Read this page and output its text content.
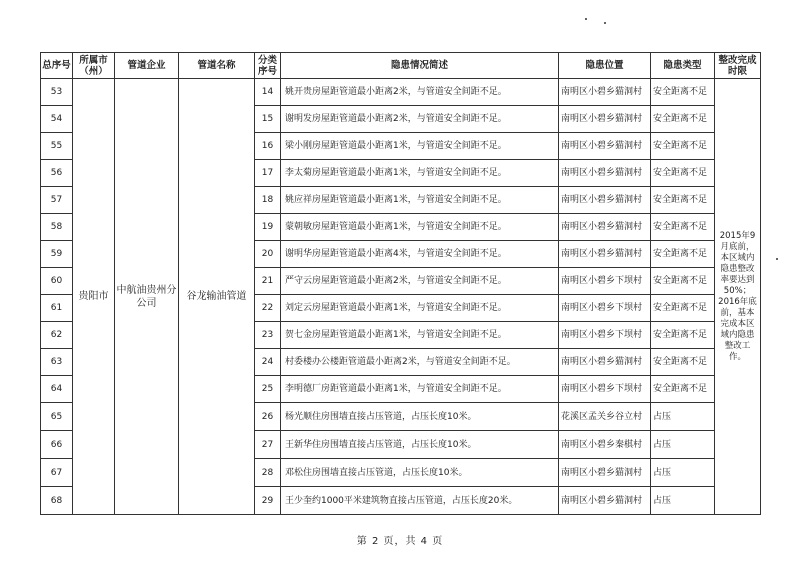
总序号	所属市（州）	管道企业	管道名称	分类序号	隐患情况简述	隐患位置	隐患类型	整改完成时限
53	贵阳市	中航油贵州分公司	谷龙输油管道	14	姚开贵房屋距管道最小距离2米，与管道安全间距不足。	南明区小碧乡猫洞村	安全距离不足	2015年9月底前，本区域内隐患整改率要达到50%；2016年底前，基本完成本区域内隐患整改工作。
54				15	谢明发房屋距管道最小距离2米，与管道安全间距不足。	南明区小碧乡猫洞村	安全距离不足	
55				16	梁小刚房屋距管道最小距离1米，与管道安全间距不足。	南明区小碧乡猫洞村	安全距离不足	
56				17	李太菊房屋距管道最小距离1米，与管道安全间距不足。	南明区小碧乡猫洞村	安全距离不足	
57				18	姚应祥房屋距管道最小距离1米，与管道安全间距不足。	南明区小碧乡猫洞村	安全距离不足	
58				19	蒙朝敏房屋距管道最小距离1米，与管道安全间距不足。	南明区小碧乡猫洞村	安全距离不足	
59				20	谢明华房屋距管道最小距离4米，与管道安全间距不足。	南明区小碧乡猫洞村	安全距离不足	
60				21	严守云房屋距管道最小距离2米，与管道安全间距不足。	南明区小碧乡下坝村	安全距离不足	
61				22	刘定云房屋距管道最小距离1米，与管道安全间距不足。	南明区小碧乡下坝村	安全距离不足	
62				23	贺七金房屋距管道最小距离1米，与管道安全间距不足。	南明区小碧乡下坝村	安全距离不足	
63				24	村委楼办公楼距管道最小距离2米，与管道安全间距不足。	南明区小碧乡猫洞村	安全距离不足	
64				25	李明德厂房距管道最小距离1米，与管道安全间距不足。	南明区小碧乡下坝村	安全距离不足	
65				26	杨光顺住房围墙直接占压管道，占压长度10米。	花溪区孟关乡谷立村	占压	
66				27	王新华住房围墙直接占压管道，占压长度10米。	南明区小碧乡秦棋村	占压	
67				28	邓松住房围墙直接占压管道，占压长度10米。	南明区小碧乡猫洞村	占压	
68				29	王少奎约1000平米建筑物直接占压管道，占压长度20米。	南明区小碧乡猫洞村	占压	
第 2 页，共 4 页
